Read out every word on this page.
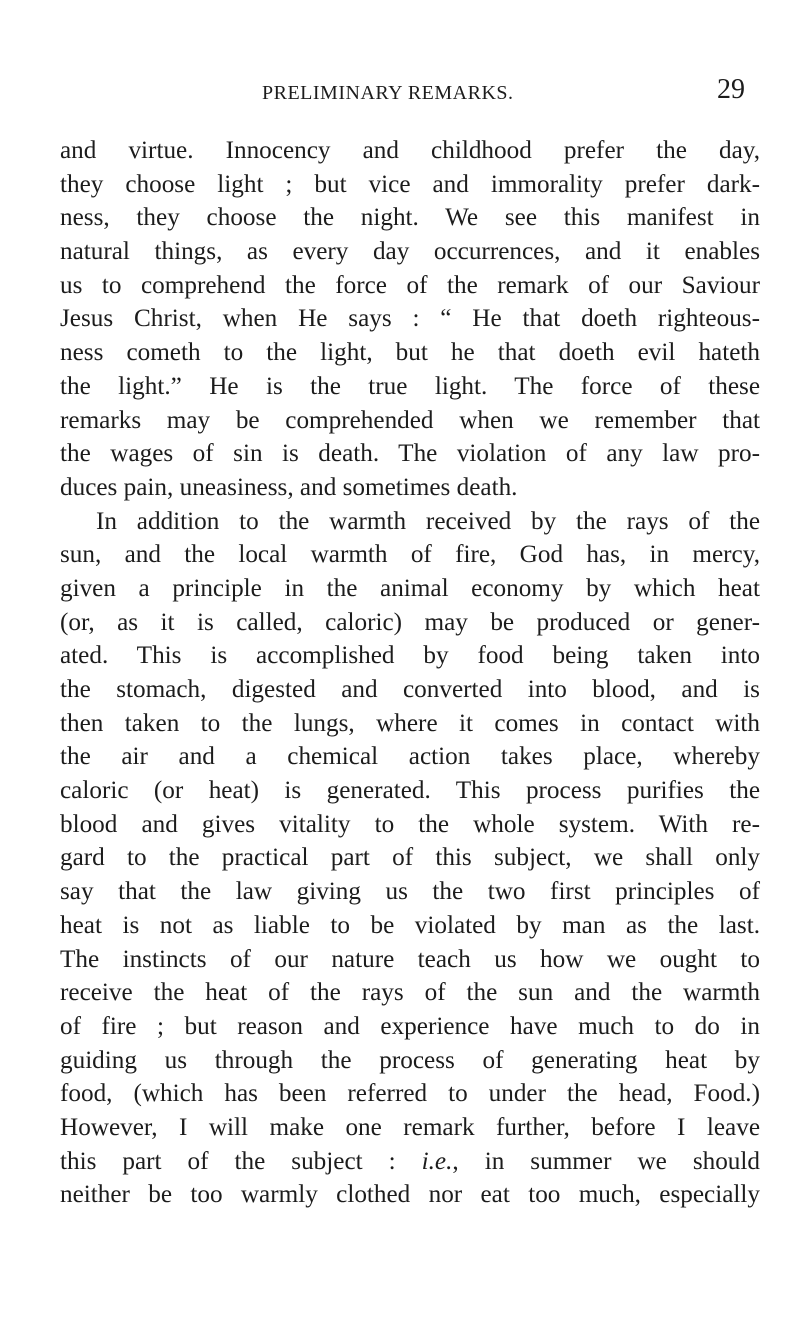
PRELIMINARY REMARKS.	29
and virtue. Innocency and childhood prefer the day,
they choose light ; but vice and immorality prefer dark-
ness, they choose the night. We see this manifest in
natural things, as every day occurrences, and it enables
us to comprehend the force of the remark of our Saviour
Jesus Christ, when He says : “ He that doeth righteous-
ness cometh to the light, but he that doeth evil hateth
the light.” He is the true light. The force of these
remarks may be comprehended when we remember that
the wages of sin is death. The violation of any law pro-
duces pain, uneasiness, and sometimes death.
In addition to the warmth received by the rays of the
sun, and the local warmth of fire, God has, in mercy,
given a principle in the animal economy by which heat
(or, as it is called, caloric) may be produced or gener-
ated. This is accomplished by food being taken into
the stomach, digested and converted into blood, and is
then taken to the lungs, where it comes in contact with
the air and a chemical action takes place, whereby
caloric (or heat) is generated. This process purifies the
blood and gives vitality to the whole system. With re-
gard to the practical part of this subject, we shall only
say that the law giving us the two first principles of
heat is not as liable to be violated by man as the last.
The instincts of our nature teach us how we ought to
receive the heat of the rays of the sun and the warmth
of fire ; but reason and experience have much to do in
guiding us through the process of generating heat by
food, (which has been referred to under the head, Food.)
However, I will make one remark further, before I leave
this part of the subject : i.e., in summer we should
neither be too warmly clothed nor eat too much, especially
